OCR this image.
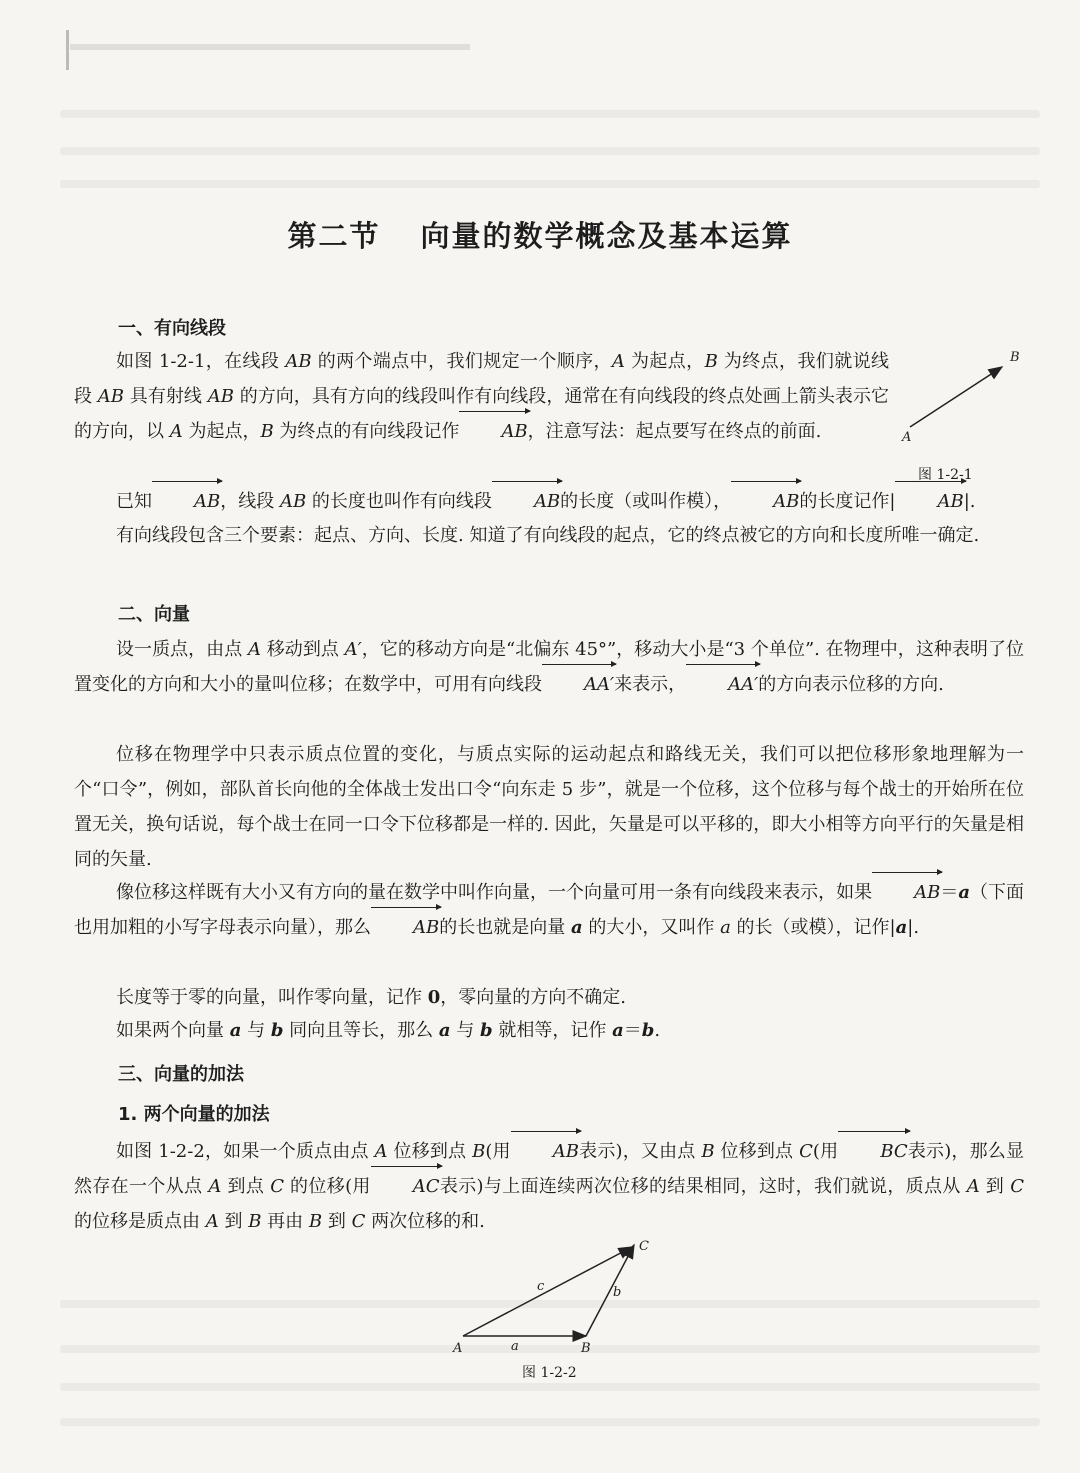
第二节 向量的数学概念及基本运算
一、有向线段

如图 1-2-1，在线段 AB 的两个端点中，我们规定一个顺序，A 为起点，B 为终点，我们就说线段 AB 具有射线 AB 的方向，具有方向的线段叫作有向线段，通常在有向线段的终点处画上箭头表示它的方向，以 A 为起点，B 为终点的有向线段记作 AB，注意写法：起点要写在终点的前面.	A
B
图 1-2-1

已知 AB，线段 AB 的长度也叫作有向线段 AB的长度（或叫作模）， AB的长度记作| AB|.

有向线段包含三个要素：起点、方向、长度. 知道了有向线段的起点，它的终点被它的方向和长度所唯一确定.

二、向量

设一质点，由点 A 移动到点 A′，它的移动方向是“北偏东 45°”，移动大小是“3 个单位”. 在物理中，这种表明了位置变化的方向和大小的量叫位移；在数学中，可用有向线段 AA′来表示， AA′的方向表示位移的方向.

位移在物理学中只表示质点位置的变化，与质点实际的运动起点和路线无关，我们可以把位移形象地理解为一个“口令”，例如，部队首长向他的全体战士发出口令“向东走 5 步”，就是一个位移，这个位移与每个战士的开始所在位置无关，换句话说，每个战士在同一口令下位移都是一样的. 因此，矢量是可以平移的，即大小相等方向平行的矢量是相同的矢量.

像位移这样既有大小又有方向的量在数学中叫作向量，一个向量可用一条有向线段来表示，如果 AB＝a（下面也用加粗的小写字母表示向量），那么 AB的长也就是向量 a 的大小，又叫作 a 的长（或模），记作|a|.

长度等于零的向量，叫作零向量，记作 0，零向量的方向不确定.

如果两个向量 a 与 b 同向且等长，那么 a 与 b 就相等，记作 a＝b.

三、向量的加法
1. 两个向量的加法

如图 1-2-2，如果一个质点由点 A 位移到点 B(用 AB表示)，又由点 B 位移到点 C(用 BC表示)，那么显然存在一个从点 A 到点 C 的位移(用 AC表示)与上面连续两次位移的结果相同，这时，我们就说，质点从 A 到 C 的位移是质点由 A 到 B 再由 B 到 C 两次位移的和.

A	B
C
a
b
c
图 1-2-2
